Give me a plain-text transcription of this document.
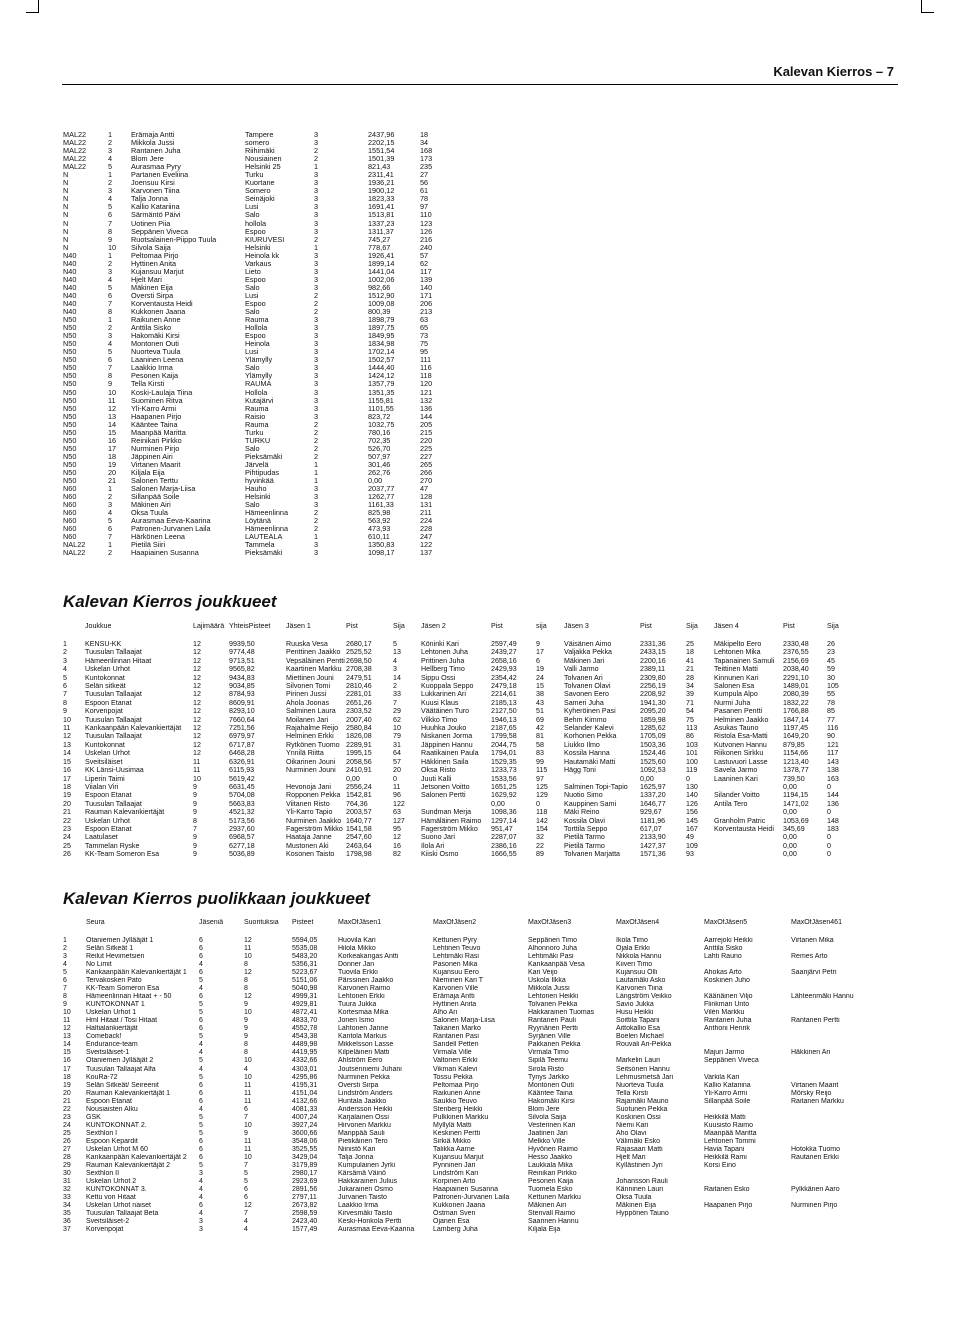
Kalevan Kierros – 7
MAL22	1	Erämaja Antti	Tampere	3	2437,96	18
MAL22	2	Mikkola Jussi	somero	3	2202,15	34
MAL22	3	Rantanen Juha	Riihimäki	2	1551,54	168
MAL22	4	Blom Jere	Nousiainen	2	1501,39	173
MAL22	5	Aurasmaa Pyry	Helsinki 25	1	821,43	235
N	1	Partanen Eveliina	Turku	3	2311,41	27
N	2	Joensuu Kirsi	Kuortane	3	1936,21	56
N	3	Karvonen Tiina	Somero	3	1900,12	61
N	4	Talja Jonna	Seinäjoki	3	1823,33	78
N	5	Kallio Katariina	Lusi	3	1691,41	97
N	6	Särmäntö Päivi	Salo	3	1513,81	110
N	7	Uotinen Piia	hollola	3	1337,23	123
N	8	Seppänen Viveca	Espoo	3	1311,37	126
N	9	Ruotsalainen-Piippo Tuula	KIURUVESI	2	745,27	216
N	10	Silvola Saija	Helsinki	1	778,67	240
N40	1	Peltomaa Pirjo	Heinola kk	3	1926,41	57
N40	2	Hyttinen Anita	Varkaus	3	1899,14	62
N40	3	Kujansuu Marjut	Lieto	3	1441,04	117
N40	4	Hjelt Mari	Espoo	3	1002,06	139
N40	5	Mäkinen Eija	Salo	3	982,66	140
N40	6	Översti Sirpa	Lusi	2	1512,90	171
N40	7	Korventausta Heidi	Espoo	2	1009,08	206
N40	8	Kukkonen Jaana	Salo	2	800,39	213
N50	1	Raikunen Anne	Rauma	3	1898,79	63
N50	2	Anttila Sisko	Hollola	3	1897,75	65
N50	3	Hakomäki Kirsi	Espoo	3	1849,95	73
N50	4	Montonen Outi	Heinola	3	1834,98	75
N50	5	Nuorteva Tuula	Lusi	3	1702,14	95
N50	6	Laaninen Leena	Ylämylly	3	1502,57	111
N50	7	Laakkio Irma	Salo	3	1444,40	116
N50	8	Pesonen Kaija	Ylämylly	3	1424,12	118
N50	9	Tella Kirsti	RAUMA	3	1357,79	120
N50	10	Koski-Laulaja Tiina	Hollola	3	1351,35	121
N50	11	Suominen Ritva	Kutajärvi	3	1155,81	132
N50	12	Yli-Karro Armi	Rauma	3	1101,55	136
N50	13	Haapanen Pirjo	Raisio	3	823,72	144
N50	14	Kääntee Taina	Rauma	2	1032,75	205
N50	15	Maanpää Maritta	Turku	2	780,16	215
N50	16	Reinikari Pirkko	TURKU	2	702,35	220
N50	17	Nurminen Pirjo	Salo	2	526,70	225
N50	18	Jäppinen Airi	Pieksämäki	2	507,97	227
N50	19	Virtanen Maarit	Järvelä	1	301,46	265
N50	20	Kiljala Eija	Pihtipudas	1	262,76	266
N50	21	Salonen Terttu	hyvinkää	1	0,00	270
N60	1	Salonen Marja-Liisa	Hauho	3	2037,77	47
N60	2	Sillanpää Soile	Helsinki	3	1262,77	128
N60	3	Mäkinen Airi	Salo	3	1161,33	131
N60	4	Oksa Tuula	Hämeenlinna	2	825,98	211
N60	5	Aurasmaa Eeva-Kaarina	Löytänä	2	563,92	224
N60	6	Patronen-Jurvanen Laila	Hämeenlinna	2	473,93	228
N60	7	Härkönen Leena	LAUTEALA	1	610,11	247
NAL22	1	Pietilä Siiri	Tammela	3	1350,83	122
NAL22	2	Haapiainen Susanna	Pieksämäki	3	1098,17	137
Kalevan Kierros joukkueet
	Joukkue	Lajimäärä	YhteisPisteet	Jäsen 1	Pist	Sija	Jäsen 2	Pist	sija	Jäsen 3	Pist	Sija	Jäsen 4	Pist	Sija
1	KENSU-KK	12	9939,50	Ruuska Vesa	2680,17	5	Köninki Kari	2597,49	9	Väisänen Aimo	2331,36	25	Mäkipelto Eero	2330,48	26
2	Tuusulan Tallaajat	12	9774,48	Penttinen Jaakko	2525,52	13	Lehtonen Juha	2439,27	17	Valjakka Pekka	2433,15	18	Lehtonen Mika	2376,55	23
3	Hämeenlinnan Hitaat	12	9713,51	Vepsäläinen Pentti	2698,50	4	Prittinen Juha	2658,16	6	Mäkinen Jari	2200,16	41	Tapanainen Samuli	2156,69	45
4	Uskelan Urhot	12	9565,82	Kaartinen Markku	2708,38	3	Hellberg Timo	2429,93	19	Valli Jarmo	2389,11	21	Teittinen Matti	2038,40	59
5	Kuntokonnat	12	9434,83	Miettinen Jouni	2479,51	14	Sippu Ossi	2354,42	24	Tolvanen Ari	2309,80	28	Kinnunen Kari	2291,10	30
6	Selän sitkeät	12	9034,85	Silvonen Tomi	2810,46	2	Kuoppala Seppo	2479,18	15	Tolvanen Olavi	2256,19	34	Salonen Esa	1489,01	105
7	Tuusulan Tallaajat	12	8784,93	Pirinen Jussi	2281,01	33	Lukkarinen Ari	2214,61	38	Savonen Eero	2208,92	39	Kumpula Alpo	2080,39	55
8	Espoon Etanat	12	8609,91	Ahola Joonas	2651,26	7	Kuusi Klaus	2185,13	43	Sameri Juha	1941,30	71	Nurmi Juha	1832,22	78
9	Korvenpojat	12	8293,10	Salminen Laura	2303,52	29	Väätäinen Turo	2127,50	51	Kyheröinen Pasi	2095,20	54	Pasanen Pentti	1766,88	85
10	Tuusulan Tallaajat	12	7660,64	Moilanen Jari	2007,40	62	Vilkko Timo	1946,13	69	Behm Kimmo	1859,98	75	Helminen Jaakko	1847,14	77
11	Kankaanpään Kalevankiertäjät	12	7251,56	Rajahalme Reijo	2580,84	10	Huuhka Jouko	2187,65	42	Selander Kalevi	1285,62	113	Asukas Tauno	1197,45	116
12	Tuusulan Tallaajat	12	6979,97	Helminen Erkki	1826,08	79	Niskanen Jorma	1799,58	81	Korhonen Pekka	1705,09	86	Ristola Esa-Matti	1649,20	90
13	Kuntokonnat	12	6717,87	Rytkönen Tuomo	2289,91	31	Jäppinen Hannu	2044,75	58	Liukko Ilmo	1503,36	103	Kutvonen Hannu	879,85	121
14	Uskelan Urhot	12	6468,28	Ynnilä Riitta	1995,15	64	Raatikainen Paula	1794,01	83	Kossila Hanna	1524,46	101	Riikonen Sirkku	1154,66	117
15	Sveitsiläiset	11	6326,91	Oikarinen Jouni	2058,56	57	Häkkinen Saila	1529,35	99	Hautamäki Matti	1525,60	100	Lastuvuori Lasse	1213,40	143
16	KK Länsi-Uusimaa	11	6115,93	Nurminen Jouni	2410,91	20	Oksa Risto	1233,73	115	Hägg Toni	1092,53	119	Savela Jarmo	1378,77	138
17	Liperin Taimi	10	5619,42		0,00	0	Juuti Kalli	1533,56	97		0,00	0	Laaninen Kari	739,50	163
18	Viialan Viri	9	6631,45	Hevonoja Jani	2556,24	11	Jetsonen Voitto	1651,25	125	Salminen Topi-Tapio	1625,97	130		0,00	0
19	Espoon Etanat	9	5704,08	Ropponen Pekka	1542,81	96	Salonen Pertti	1629,92	129	Nuotio Simo	1337,20	140	Silander Voitto	1194,15	144
20	Tuusulan Tallaajat	9	5663,83	Viitanen Risto	764,36	122		0,00	0	Kauppinen Sami	1646,77	126	Antila Tero	1471,02	136
21	Rauman Kalevankiertäjät	9	4521,32	Yli-Karro Tapio	2003,57	63	Sundman Merja	1098,36	118	Mäki Reino	929,67	156		0,00	0
22	Uskelan Urhot	8	5173,56	Nurminen Jaakko	1640,77	127	Hämäläinen Raimo	1297,14	142	Kossila Olavi	1181,96	145	Granholm Patric	1053,69	148
23	Espoon Etanat	7	2937,60	Fagerström Mikko	1541,58	95	Fagerström Mikko	951,47	154	Torttila Seppo	617,07	167	Korventausta Heidi	345,69	183
24	Laatulaset	9	6968,57	Haataja Janne	2547,60	12	Suono Jari	2287,07	32	Pietilä Tarmo	2133,90	49		0,00	0
25	Tammelan Ryske	9	6277,18	Mustonen Aki	2463,64	16	Ilola Ari	2386,16	22	Pietilä Tarmo	1427,37	109		0,00	0
26	KK-Team Someron Esa	9	5036,89	Kosonen Taisto	1798,98	82	Kiiski Osmo	1666,55	89	Tolvanen Marjatta	1571,36	93		0,00	0
Kalevan Kierros puolikkaan joukkueet
	Seura	Jäseniä	Suorituksia	Pisteet	MaxOfJäsen1	MaxOfJäsen2	MaxOfJäsen3	MaxOfJäsen4	MaxOfJäsen5	MaxOfJäsen461
1	Otaniemen Jyllääjät 1	6	12	5594,05	Huovila Kari	Kettunen Pyry	Seppänen Timo	Ikola Timo	Aarrejoki Heikki	Virtanen Mika
2	Selän Sitkeät 1	6	11	5535,08	Hilola Mikko	Lehtinen Teuvo	Alhonnoro Juha	Ojala Erkki	Anttila Sisko	
3	Reilut Hevimetsien	6	10	5483,20	Korkeakangas Antti	Lehtimäki Rasi	Lehtimäki Pasi	Nikkola Hannu	Lahti Rauno	Remes Arto
4	No Limit	4	8	5356,31	Donner Jan	Pasonen Mika	Kankaanpää Vesa	Kiiveri Timo		
5	Kankaanpään Kalevankiertäjät 1	6	12	5223,67	Tuovila Erkki	Kujansuu Eero	Kari Veijo	Kujansuu Olli	Ahokas Arto	Saarijärvi Petri
6	Tervakosken Pato	5	8	5151,06	Pärssinen Jaakko	Nieminen Kari T	Uskola Ilkka	Lautamäki Asko	Koskinen Juho	
7	KK-Team Someron Esa	4	8	5040,98	Karvonen Raimo	Karvonen Ville	Mikkola Jussi	Karvonen Tiina		
8	Hämeenlinnan Hitaat + - 50	6	12	4999,31	Lehtonen Erkki	Erämaja Antti	Lehtonen Heikki	Långström Veikko	Kääriäinen Viljo	Lähteenmäki Hannu
9	KUNTOKONNAT 1	5	9	4929,81	Tuura Jukka	Hyttinen Anita	Tolvanen Pekka	Savio Jukka	Flinkman Unto	
10	Uskelan Urhot 1	5	10	4872,41	Kortesmaa Mika	Alho Ari	Hakkarainen Tuomas	Husu Heikki	Vilén Markku	
11	Hml Hitaat / Tosi Hitaat	6	9	4833,70	Jonen Ismo	Salonen Marja-Liisa	Rantanen Pauli	Soittila Tapani	Rantanen Juha	Rantanen Pertti
12	Haltialankiertäjät	6	9	4552,78	Lahtonen Janne	Takanen Marko	Ryynänen Pertti	Aittokallio Esa	Anthoni Henrik	
13	Comeback!	5	9	4543,38	Kantola Markus	Rantanen Pasi	Syrjänen Ville	Boelen Michael		
14	Endurance-team	4	8	4489,98	Mikkelsson Lasse	Sandell Petteri	Pakkanen Pekka	Rouvali Ari-Pekka		
15	Sveitsiläiset-1	4	8	4419,95	Kilpeläinen Matti	Virmala Ville	Virmala Timo		Majuri Jarmo	Häkkinen Ari
16	Otaniemen Jyllääjät 2	5	10	4332,66	Ahlström Eero	Valtonen Erkki	Sipilä Teemu	Markelin Lauri	Seppänen Viveca	
17	Tuusulan Tallaajat Alfa	4	4	4303,01	Joutsenniemi Juhani	Vikman Kalevi	Sirola Risto	Seitsonen Hannu		
18	KouRa-72	5	10	4295,86	Nurminen Pekka	Tossu Pekka	Tynys Jarkko	Lehmusmetsä Jari	Varkila Kari	
19	Selän Sitkeät/ Seireenit	6	11	4195,31	Översti Sirpa	Peltomaa Pirjo	Montonen Outi	Nuorteva Tuula	Kallio Katariina	Virtanen Maarit
20	Rauman Kalevankiertäjät 1	6	11	4151,04	Lindström Anders	Raikunen Anne	Kääntee Taina	Tella Kirsti	Yli-Karro Armi	Mörsky Reijo
21	Espoon Etanat	6	11	4132,66	Huntala Jaakko	Saukko Teuvo	Hakomäki Kirsi	Rajamäki Mauno	Sillanpää Soile	Raitanen Markku
22	Nousiaisten Alku	4	6	4081,33	Andersson Heikki	Stenberg Heikki	Blom Jere	Suotunen Pekka		
23	GSK	5	7	4007,24	Karjalainen Ossi	Pulkkinen Markku	Silvola Saija	Koskinen Ossi	Heikkilä Matti	
24	KUNTOKONNAT 2.	5	10	3927,24	Hirvonen Markku	Myllylä Matti	Vesterinen Kari	Niemi Kari	Kuusisto Raimo	
25	Sexthlon I	5	9	3600,66	Manppää Sauli	Keskinen Pertti	Jaatinen Jari	Aho Olavi	Maanpää Maritta	
26	Espoon Kepardit	6	11	3548,06	Pietikäinen Tero	Sirkiä Mikko	Melkko Ville	Välimäki Esko	Lehtonen Tommi	
27	Uskelan Urhot M 60	6	11	3525,55	Niinistö Kari	Talikka Aarne	Hyvönen Raimo	Rajasaari Matti	Havia Tapani	Hotokka Tuomo
28	Kankaanpään Kalevankiertäjät 2	6	10	3429,04	Talja Jonna	Kujansuu Marjut	Hesso Jaakko	Hjelt Mari	Heikkilä Rami	Rautanen Erkki
29	Rauman Kalevankiertäjät 2	5	7	3179,89	Kumpulainen Jyrki	Pynninen Jari	Laukkala Mika	Kyllästinen Jyri	Korsi Eino	
30	Sexthlon II	3	5	2980,17	Kärsämä Väinö	Lindström Kari	Reinikari Pirkko			
31	Uskelan Urhot 2	4	5	2923,69	Hakkarainen Julius	Korpinen Arto	Pesonen Kaija	Johansson Rauli		
32	KUNTOKONNAT 3.	4	6	2891,56	Jukarainen Osmo	Haapiainen Susanna	Tuomela Esko	Känninen Lauri	Raitanen Esko	Pylkkänen Aaro
33	Kettu von Hitaat	4	6	2797,11	Jurvanen Taisto	Patronen-Jurvanen Laila	Kettunen Markku	Oksa Tuula		
34	Uskelan Urhot naiset	6	12	2673,82	Laakkio Irma	Kukkonen Jaana	Mäkinen Airi	Mäkinen Eija	Haapanen Pirjo	Nurminen Pirjo
35	Tuusulan Tallaajat Beta	4	7	2598,59	Kirvesmäki Taisto	Östman Sven	Stenvall Raimo	Hyppönen Tauno		
36	Sveitsiläiset-2	3	4	2423,40	Keski-Honkola Pertti	Ojanen Esa	Saarinen Hannu			
37	Korvenpojat	3	4	1577,49	Aurasmaa Eeva-Kaarina	Lamberg Juha	Kiljala Eija			
